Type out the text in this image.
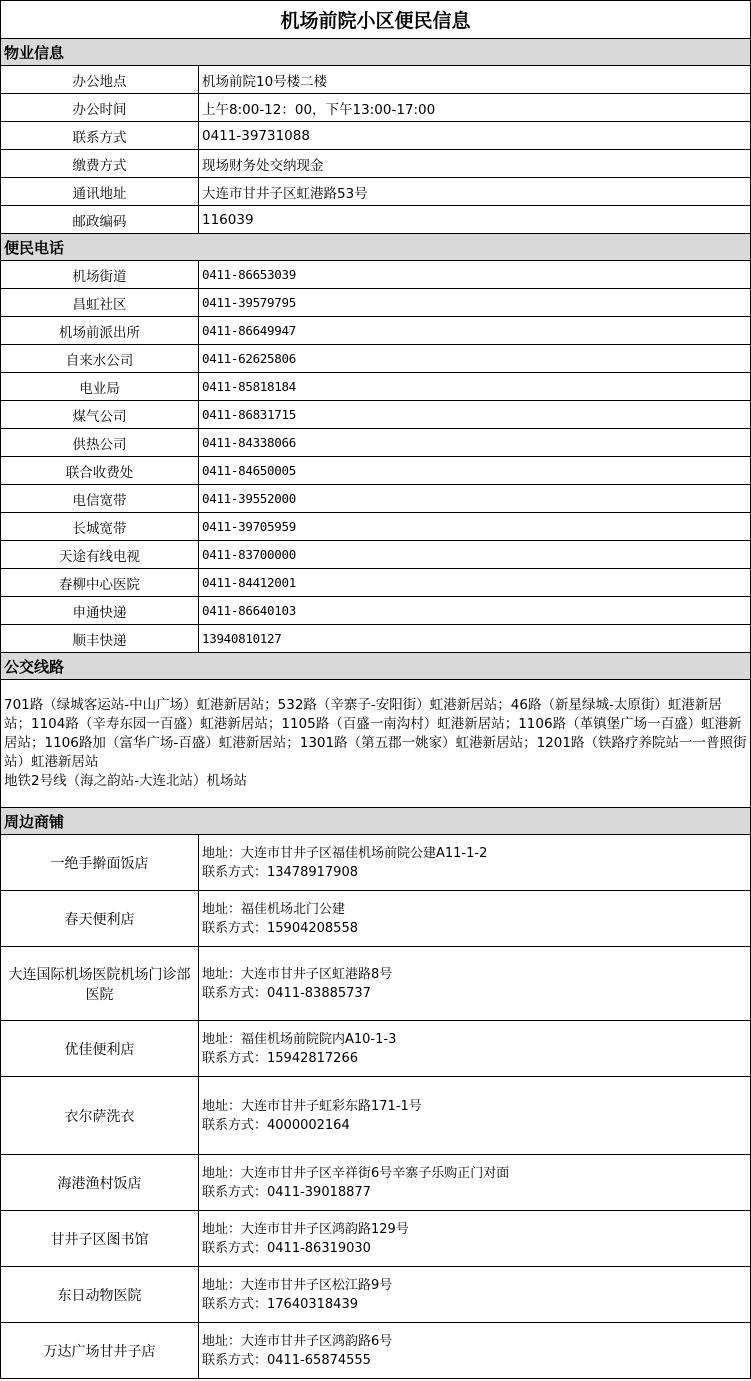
机场前院小区便民信息	
物业信息	
办公地点	机场前院10号楼二楼
办公时间	上午8:00-12：00，下午13:00-17:00
联系方式	0411-39731088
缴费方式	现场财务处交纳现金
通讯地址	大连市甘井子区虹港路53号
邮政编码	116039
便民电话	
机场街道	0411-86653039
昌虹社区	0411-39579795
机场前派出所	0411-86649947
自来水公司	0411-62625806
电业局	0411-85818184
煤气公司	0411-86831715
供热公司	0411-84338066
联合收费处	0411-84650005
电信宽带	0411-39552000
长城宽带	0411-39705959
天途有线电视	0411-83700000
春柳中心医院	0411-84412001
申通快递	0411-86640103
顺丰快递	13940810127
公交线路	

701路（绿城客运站-中山广场）虹港新居站；532路（辛寨子-安阳街）虹港新居站；46路（新星绿城-太原街）虹港新居站；1104路（辛寿东园一百盛）虹港新居站；1105路（百盛一南沟村）虹港新居站；1106路（革镇堡广场一百盛）虹港新居站；1106路加（富华广场-百盛）虹港新居站；1301路（第五郡一姚家）虹港新居站；1201路（铁路疗养院站一一普照街站）虹港新居站
地铁2号线（海之韵站-大连北站）机场站	

周边商铺	
一绝手擀面饭店	地址：大连市甘井子区福佳机场前院公建A11-1-2
联系方式：13478917908

春天便利店	地址：福佳机场北门公建
联系方式：15904208558

大连国际机场医院机场门诊部医院	地址：大连市甘井子区虹港路8号
联系方式：0411-83885737

优佳便利店	地址：福佳机场前院院内A10-1-3
联系方式：15942817266

衣尔萨洗衣	地址：大连市甘井子虹彩东路171-1号
联系方式：4000002164

海港渔村饭店	地址：大连市甘井子区辛祥街6号辛寨子乐购正门对面
联系方式：0411-39018877

甘井子区图书馆	地址：大连市甘井子区鸿韵路129号
联系方式：0411-86319030

东日动物医院	地址：大连市甘井子区松江路9号
联系方式：17640318439

万达广场甘井子店	地址：大连市甘井子区鸿韵路6号
联系方式：0411-65874555
